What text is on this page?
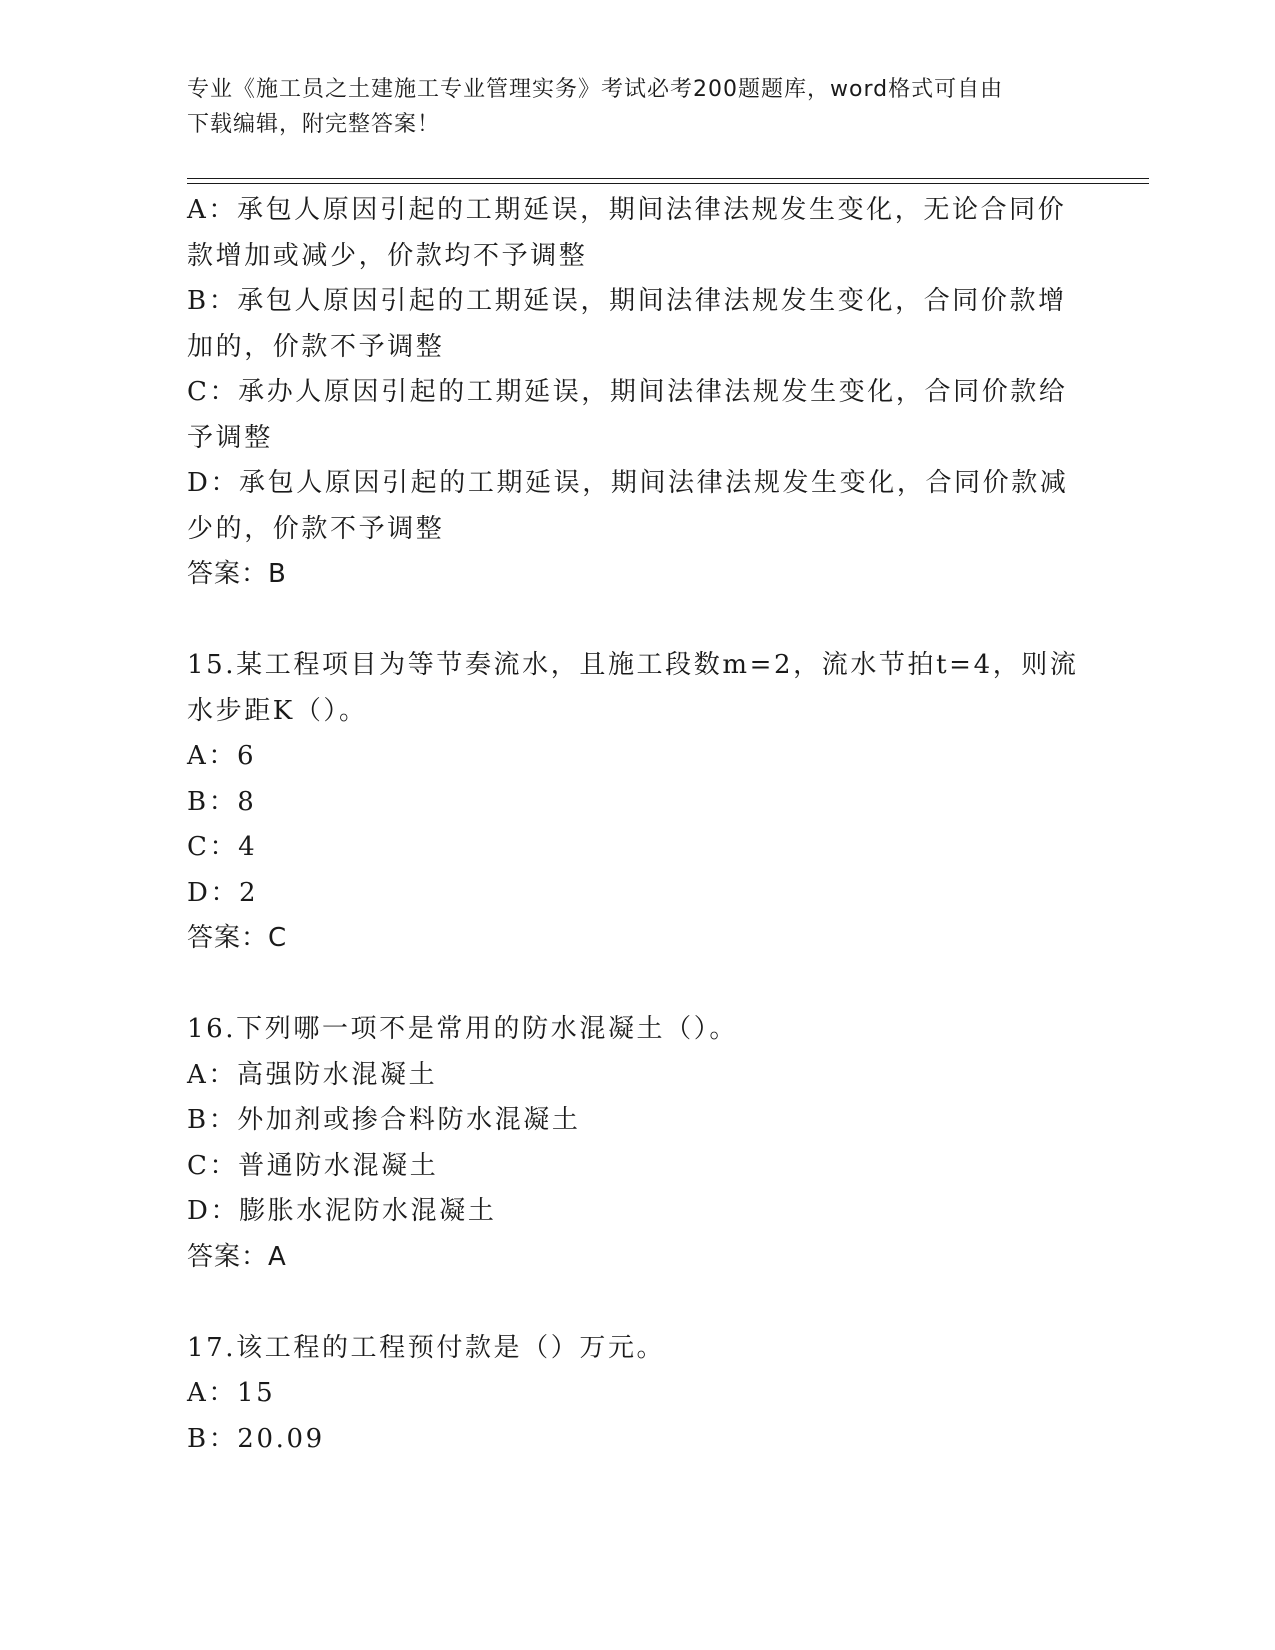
专业《施工员之土建施工专业管理实务》考试必考200题题库，word格式可自由
下载编辑，附完整答案！

A：承包人原因引起的工期延误，期间法律法规发生变化，无论合同价

款增加或减少，价款均不予调整

B：承包人原因引起的工期延误，期间法律法规发生变化，合同价款增

加的，价款不予调整

C：承办人原因引起的工期延误，期间法律法规发生变化，合同价款给

予调整

D：承包人原因引起的工期延误，期间法律法规发生变化，合同价款减

少的，价款不予调整

答案：B

15.某工程项目为等节奏流水，且施工段数m=2，流水节拍t=4，则流

水步距K（）。

A：6

B：8

C：4

D：2

答案：C

16.下列哪一项不是常用的防水混凝土（）。

A：高强防水混凝土

B：外加剂或掺合料防水混凝土

C：普通防水混凝土

D：膨胀水泥防水混凝土

答案：A

17.该工程的工程预付款是（）万元。

A：15

B：20.09
